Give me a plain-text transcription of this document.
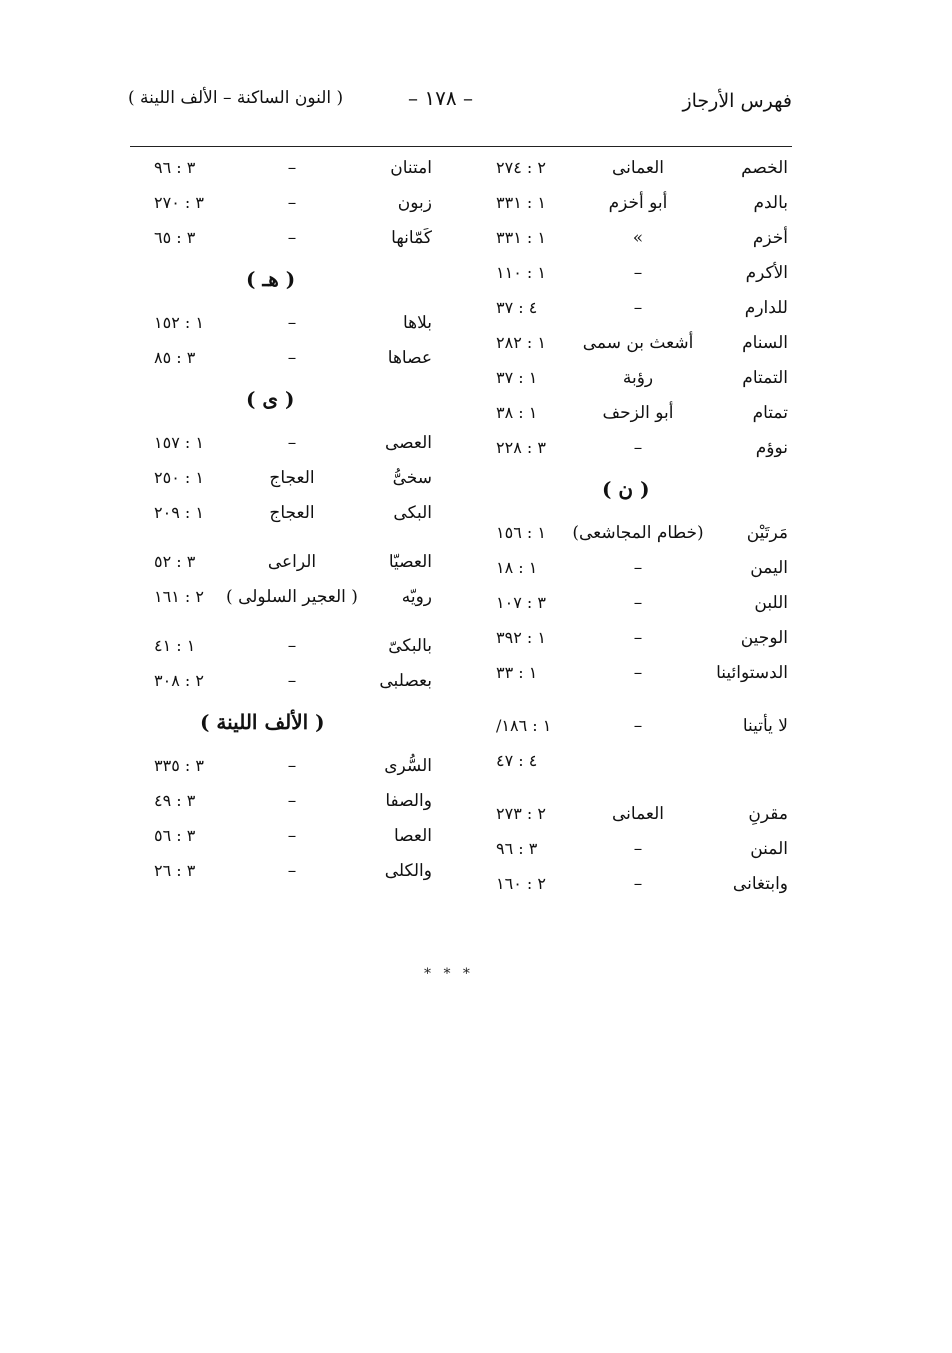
فهرس الأرجاز
– ١٧٨ –
( النون الساكنة – الألف اللينة )
الخصم
العمانى
٢ : ٢٧٤
بالدم
أبو أخزم
١ : ٣٣١
أخزم
»
١ : ٣٣١
الأكرم
–
١ : ١١٠
للدارم
–
٤ : ٣٧
السنام
أشعث بن سمى
١ : ٢٨٢
التمتام
رؤبة
١ : ٣٧
تمتام
أبو الزحف
١ : ٣٨
نوؤم
–
٣ : ٢٢٨
( ن )
مَرتَيْن
(خطام المجاشعى)
١ : ١٥٦
اليمن
–
١ : ١٨
اللبن
–
٣ : ١٠٧
الوجين
–
١ : ٣٩٢
الدستوائينا
–
١ : ٣٣
لا يأتينا
–
١ : ١٨٦/
٤ : ٤٧
مقرنِ
العمانى
٢ : ٢٧٣
المنن
–
٣ : ٩٦
وابتغانى
–
٢ : ١٦٠
امتنان
–
٣ : ٩٦
زبون
–
٣ : ٢٧٠
كَمّانها
–
٣ : ٦٥
( هـ )
بلاها
–
١ : ١٥٢
عصاها
–
٣ : ٨٥
( ى )
العصى
–
١ : ١٥٧
سخىُّ
العجاج
١ : ٢٥٠
البكى
العجاج
١ : ٢٠٩
العصيّا
الراعى
٣ : ٥٢
رويّه
( العجير السلولى )
٢ : ١٦١
بالبكىّ
–
١ : ٤١
بعصلبى
–
٢ : ٣٠٨
( الألف اللينة )
السُّرى
–
٣ : ٣٣٥
والصفا
–
٣ : ٤٩
العصا
–
٣ : ٥٦
والكلى
–
٣ : ٢٦
* * *
